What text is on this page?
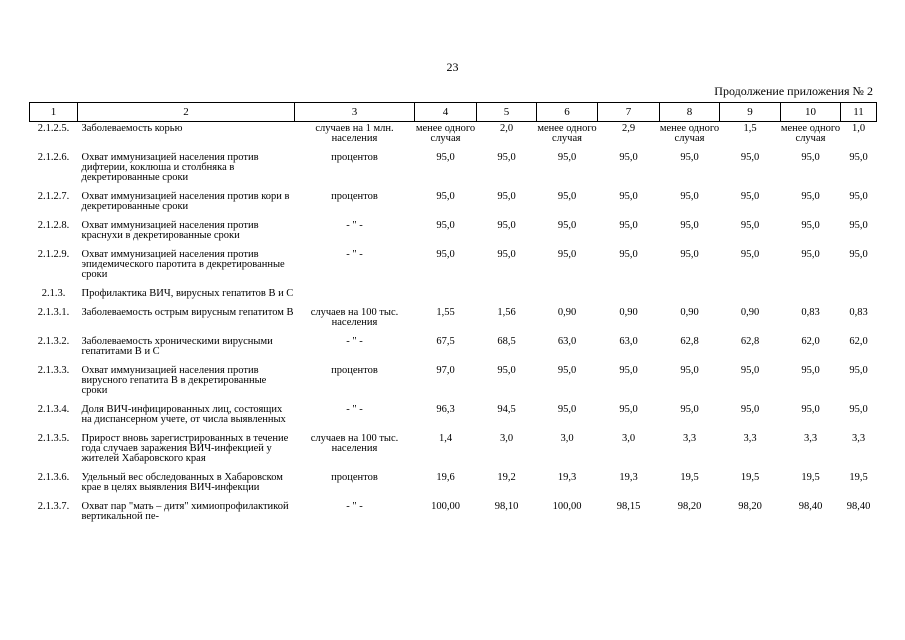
23
Продолжение приложения № 2
1	2	3	4	5	6	7	8	9	10	11
2.1.2.5.	Заболеваемость корью	случаев на 1 млн. населения	менее одного случая	2,0	менее одного случая	2,9	менее одного случая	1,5	менее одного случая	1,0
2.1.2.6.	Охват иммунизацией населения против дифтерии, коклюша и столбняка в декретированные сроки	процентов	95,0	95,0	95,0	95,0	95,0	95,0	95,0	95,0
2.1.2.7.	Охват иммунизацией населения против кори в декретированные сроки	процентов	95,0	95,0	95,0	95,0	95,0	95,0	95,0	95,0
2.1.2.8.	Охват иммунизацией населения против краснухи в декретированные сроки	- " -	95,0	95,0	95,0	95,0	95,0	95,0	95,0	95,0
2.1.2.9.	Охват иммунизацией населения против эпидемического паротита в декретированные сроки	- " -	95,0	95,0	95,0	95,0	95,0	95,0	95,0	95,0
2.1.3.	Профилактика ВИЧ, вирусных гепатитов В и С									
2.1.3.1.	Заболеваемость острым вирусным гепатитом В	случаев на 100 тыс. населения	1,55	1,56	0,90	0,90	0,90	0,90	0,83	0,83
2.1.3.2.	Заболеваемость хроническими вирусными гепатитами В и С	- " -	67,5	68,5	63,0	63,0	62,8	62,8	62,0	62,0
2.1.3.3.	Охват иммунизацией населения против вирусного гепатита В в декретированные сроки	процентов	97,0	95,0	95,0	95,0	95,0	95,0	95,0	95,0
2.1.3.4.	Доля ВИЧ-инфицированных лиц, состоящих на диспансерном учете, от числа выявленных	- " -	96,3	94,5	95,0	95,0	95,0	95,0	95,0	95,0
2.1.3.5.	Прирост вновь зарегистрированных в течение года случаев заражения ВИЧ-инфекцией у жителей Хабаровского края	случаев на 100 тыс. населения	1,4	3,0	3,0	3,0	3,3	3,3	3,3	3,3
2.1.3.6.	Удельный вес обследованных в Хабаровском крае в целях выявления ВИЧ-инфекции	процентов	19,6	19,2	19,3	19,3	19,5	19,5	19,5	19,5
2.1.3.7.	Охват пар "мать – дитя" химиопрофилактикой вертикальной пе-	- " -	100,00	98,10	100,00	98,15	98,20	98,20	98,40	98,40
